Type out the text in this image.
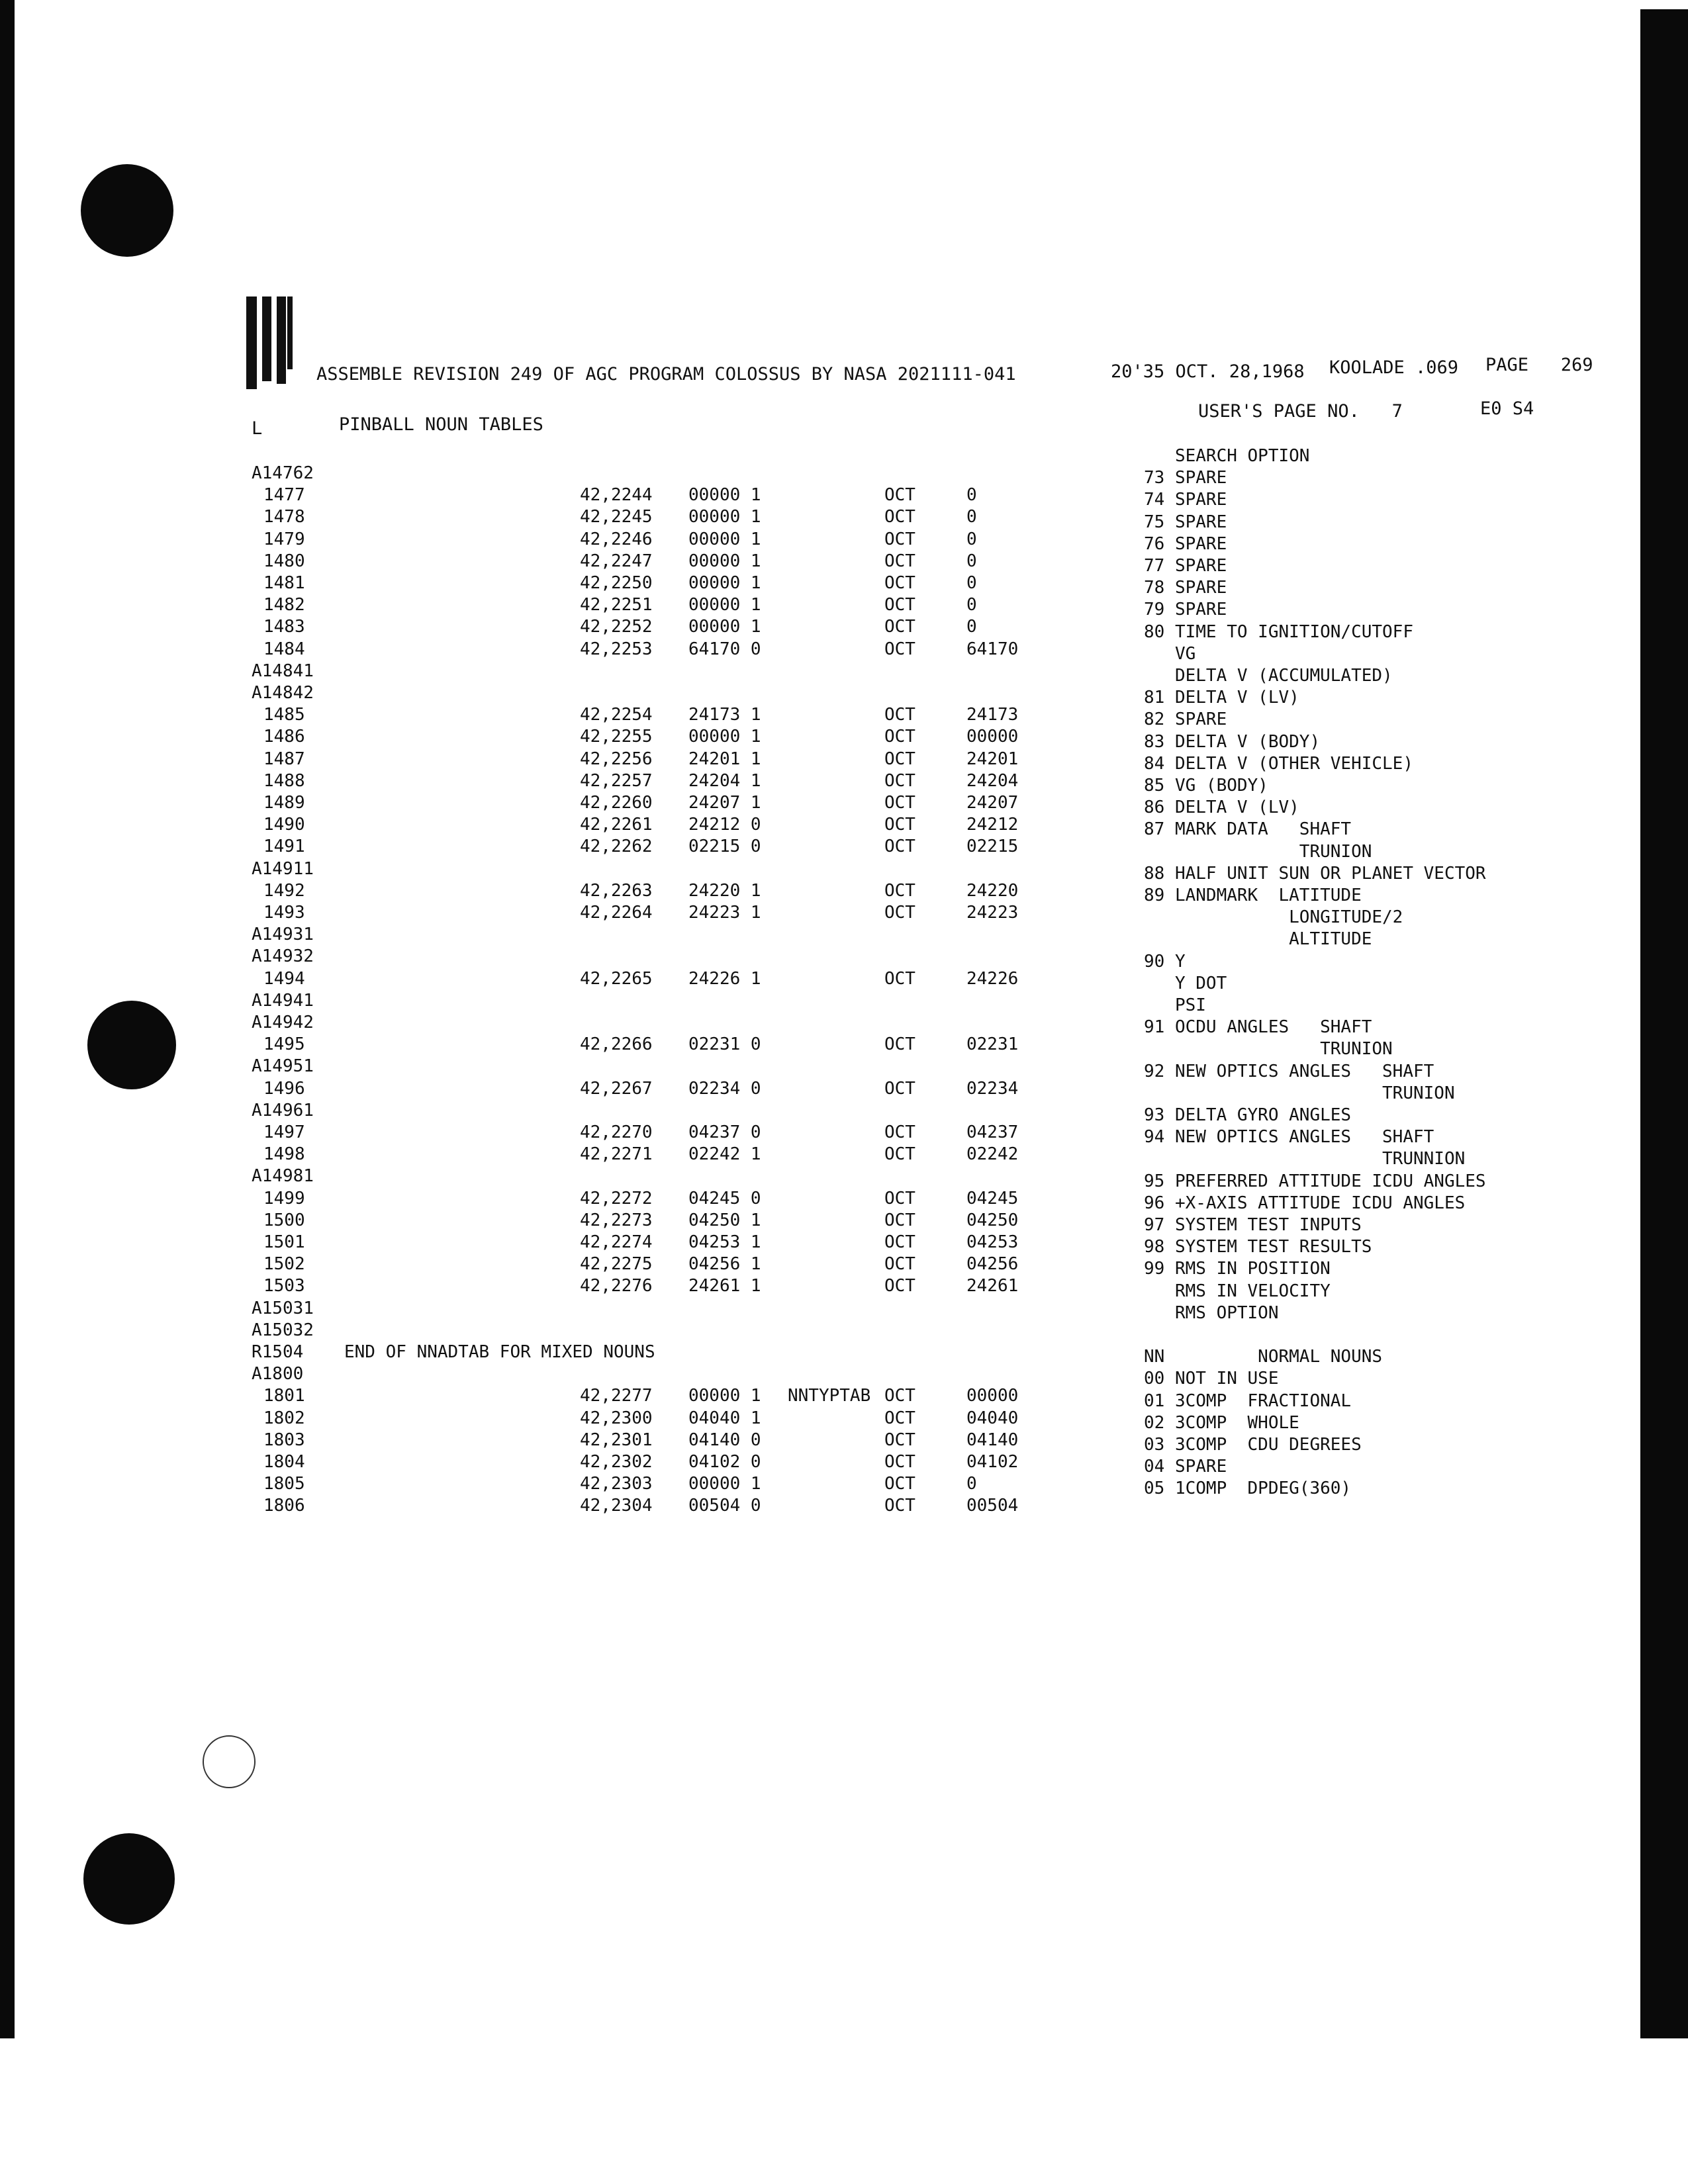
ASSEMBLE REVISION 249 OF AGC PROGRAM COLOSSUS BY NASA 2021111-041	20'35 OCT. 28,1968 KOOLADE .069 PAGE   269
USER'S PAGE NO.   7	E0 S4
L	PINBALL NOUN TABLES
A14762
1477	42,2244 00000 1	OCT	0
1478	42,2245 00000 1	OCT	0
1479	42,2246 00000 1	OCT	0
1480	42,2247 00000 1	OCT	0
1481	42,2250 00000 1	OCT	0
1482	42,2251 00000 1	OCT	0
1483	42,2252 00000 1	OCT	0
1484	42,2253 64170 0	OCT	64170
A14841
A14842
1485	42,2254 24173 1	OCT	24173
1486	42,2255 00000 1	OCT	00000
1487	42,2256 24201 1	OCT	24201
1488	42,2257 24204 1	OCT	24204
1489	42,2260 24207 1	OCT	24207
1490	42,2261 24212 0	OCT	24212
1491	42,2262 02215 0	OCT	02215
A14911
1492	42,2263 24220 1	OCT	24220
1493	42,2264 24223 1	OCT	24223
A14931
A14932
1494	42,2265 24226 1	OCT	24226
A14941
A14942
1495	42,2266 02231 0	OCT	02231
A14951
1496	42,2267 02234 0	OCT	02234
A14961
1497	42,2270 04237 0	OCT	04237
1498	42,2271 02242 1	OCT	02242
A14981
1499	42,2272 04245 0	OCT	04245
1500	42,2273 04250 1	OCT	04250
1501	42,2274 04253 1	OCT	04253
1502	42,2275 04256 1	OCT	04256
1503	42,2276 24261 1	OCT	24261
A15031
A15032
R1504 END OF NNADTAB FOR MIXED NOUNS
A1800
1801	42,2277 00000 1 NNTYPTAB OCT	00000
1802	42,2300 04040 1	OCT	04040
1803	42,2301 04140 0	OCT	04140
1804	42,2302 04102 0	OCT	04102
1805	42,2303 00000 1	OCT	0
1806	42,2304 00504 0	OCT	00504
SEARCH OPTION
73 SPARE
74 SPARE
75 SPARE
76 SPARE
77 SPARE
78 SPARE
79 SPARE
80 TIME TO IGNITION/CUTOFF
VG
DELTA V (ACCUMULATED)
81 DELTA V (LV)
82 SPARE
83 DELTA V (BODY)
84 DELTA V (OTHER VEHICLE)
85 VG (BODY)
86 DELTA V (LV)
87 MARK DATA   SHAFT
TRUNION
88 HALF UNIT SUN OR PLANET VECTOR
89 LANDMARK  LATITUDE
LONGITUDE/2
ALTITUDE
90 Y
Y DOT
PSI
91 OCDU ANGLES   SHAFT
TRUNION
92 NEW OPTICS ANGLES   SHAFT
TRUNION
93 DELTA GYRO ANGLES
94 NEW OPTICS ANGLES   SHAFT
TRUNNION
95 PREFERRED ATTITUDE ICDU ANGLES
96 +X-AXIS ATTITUDE ICDU ANGLES
97 SYSTEM TEST INPUTS
98 SYSTEM TEST RESULTS
99 RMS IN POSITION
RMS IN VELOCITY
RMS OPTION
NN         NORMAL NOUNS
00 NOT IN USE
01 3COMP  FRACTIONAL
02 3COMP  WHOLE
03 3COMP  CDU DEGREES
04 SPARE
05 1COMP  DPDEG(360)
